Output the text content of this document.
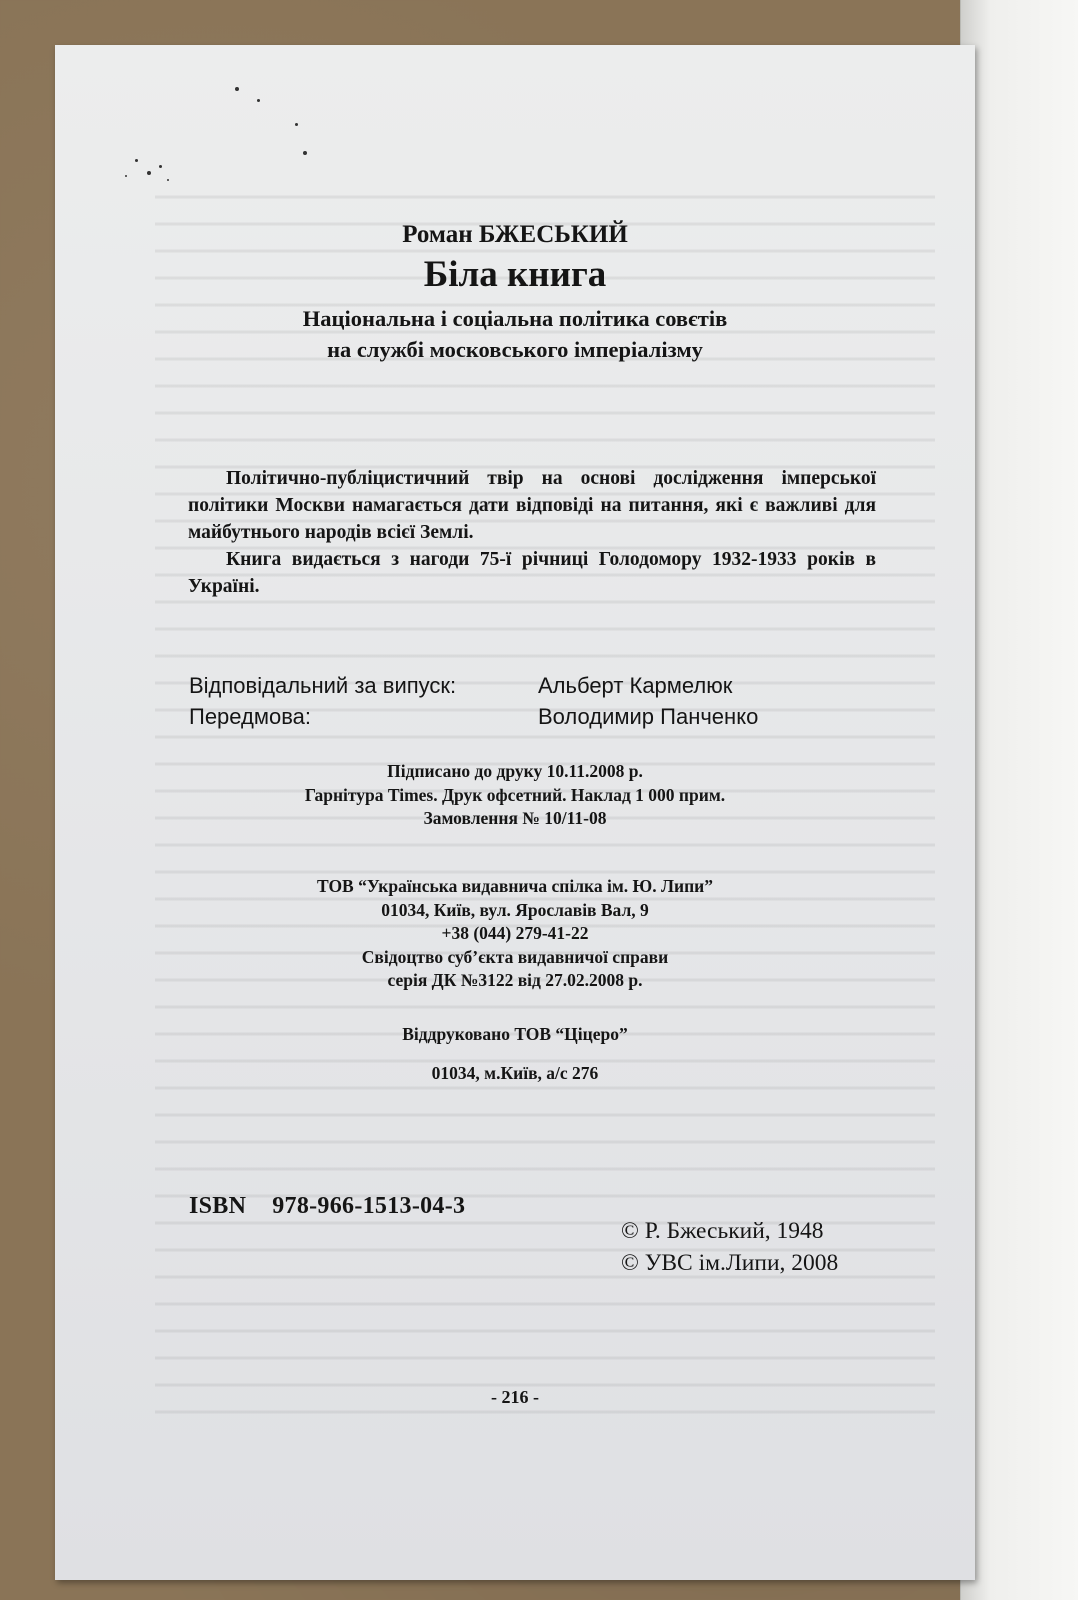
Роман БЖЕСЬКИЙ
Біла книга
Національна і соціальна політика совєтів
на службі московського імперіалізму

Політично-публіцистичний твір на основі дослідження імперської політики Москви намагається дати відповіді на питання, які є важливі для майбутнього народів всієї Землі.

Книга видається з нагоди 75-ї річниці Голодомору 1932-1933 років в Україні.

Відповідальний за випуск:	Альберт Кармелюк
Передмова:	Володимир Панченко
Підписано до друку 10.11.2008 р.
Гарнітура Times. Друк офсетний. Наклад 1 000 прим.
Замовлення № 10/11-08
ТОВ “Українська видавнича спілка ім. Ю. Липи”
01034, Київ, вул. Ярославів Вал, 9
+38 (044) 279-41-22
Свідоцтво суб’єкта видавничої справи
серія ДК №3122 від 27.02.2008 р.
Віддруковано ТОВ “Ціцеро”
01034, м.Київ, а/с 276
ISBN 978-966-1513-04-3
© Р. Бжеський, 1948
© УВС ім.Липи, 2008
- 216 -
